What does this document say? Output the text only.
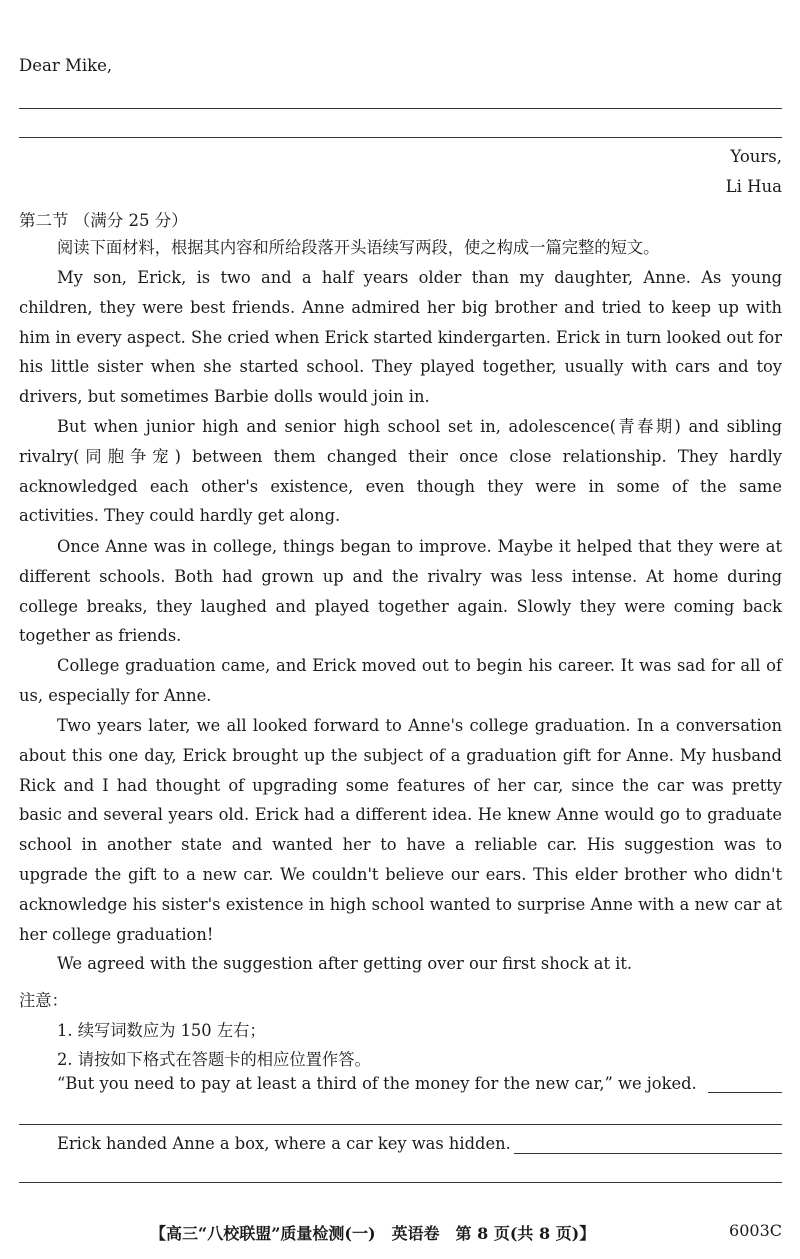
Dear Mike,
Yours,
Li Hua
第二节 （满分 25 分）
阅读下面材料，根据其内容和所给段落开头语续写两段，使之构成一篇完整的短文。
My son, Erick, is two and a half years older than my daughter, Anne. As young children, they were best friends. Anne admired her big brother and tried to keep up with him in every aspect. She cried when Erick started kindergarten. Erick in turn looked out for his little sister when she started school. They played together, usually with cars and toy drivers, but sometimes Barbie dolls would join in.
But when junior high and senior high school set in, adolescence(青春期) and sibling rivalry(同胞争宠) between them changed their once close relationship. They hardly acknowledged each other's existence, even though they were in some of the same activities. They could hardly get along.
Once Anne was in college, things began to improve. Maybe it helped that they were at different schools. Both had grown up and the rivalry was less intense. At home during college breaks, they laughed and played together again. Slowly they were coming back together as friends.
College graduation came, and Erick moved out to begin his career. It was sad for all of us, especially for Anne.
Two years later, we all looked forward to Anne's college graduation. In a conversation about this one day, Erick brought up the subject of a graduation gift for Anne. My husband Rick and I had thought of upgrading some features of her car, since the car was pretty basic and several years old. Erick had a different idea. He knew Anne would go to graduate school in another state and wanted her to have a reliable car. His suggestion was to upgrade the gift to a new car. We couldn't believe our ears. This elder brother who didn't acknowledge his sister's existence in high school wanted to surprise Anne with a new car at her college graduation!
We agreed with the suggestion after getting over our first shock at it.
注意：
1. 续写词数应为 150 左右；
2. 请按如下格式在答题卡的相应位置作答。
“But you need to pay at least a third of the money for the new car,” we joked.
Erick handed Anne a box, where a car key was hidden.
【高三“八校联盟”质量检测(一)　英语卷　第 8 页(共 8 页)】	6003C
